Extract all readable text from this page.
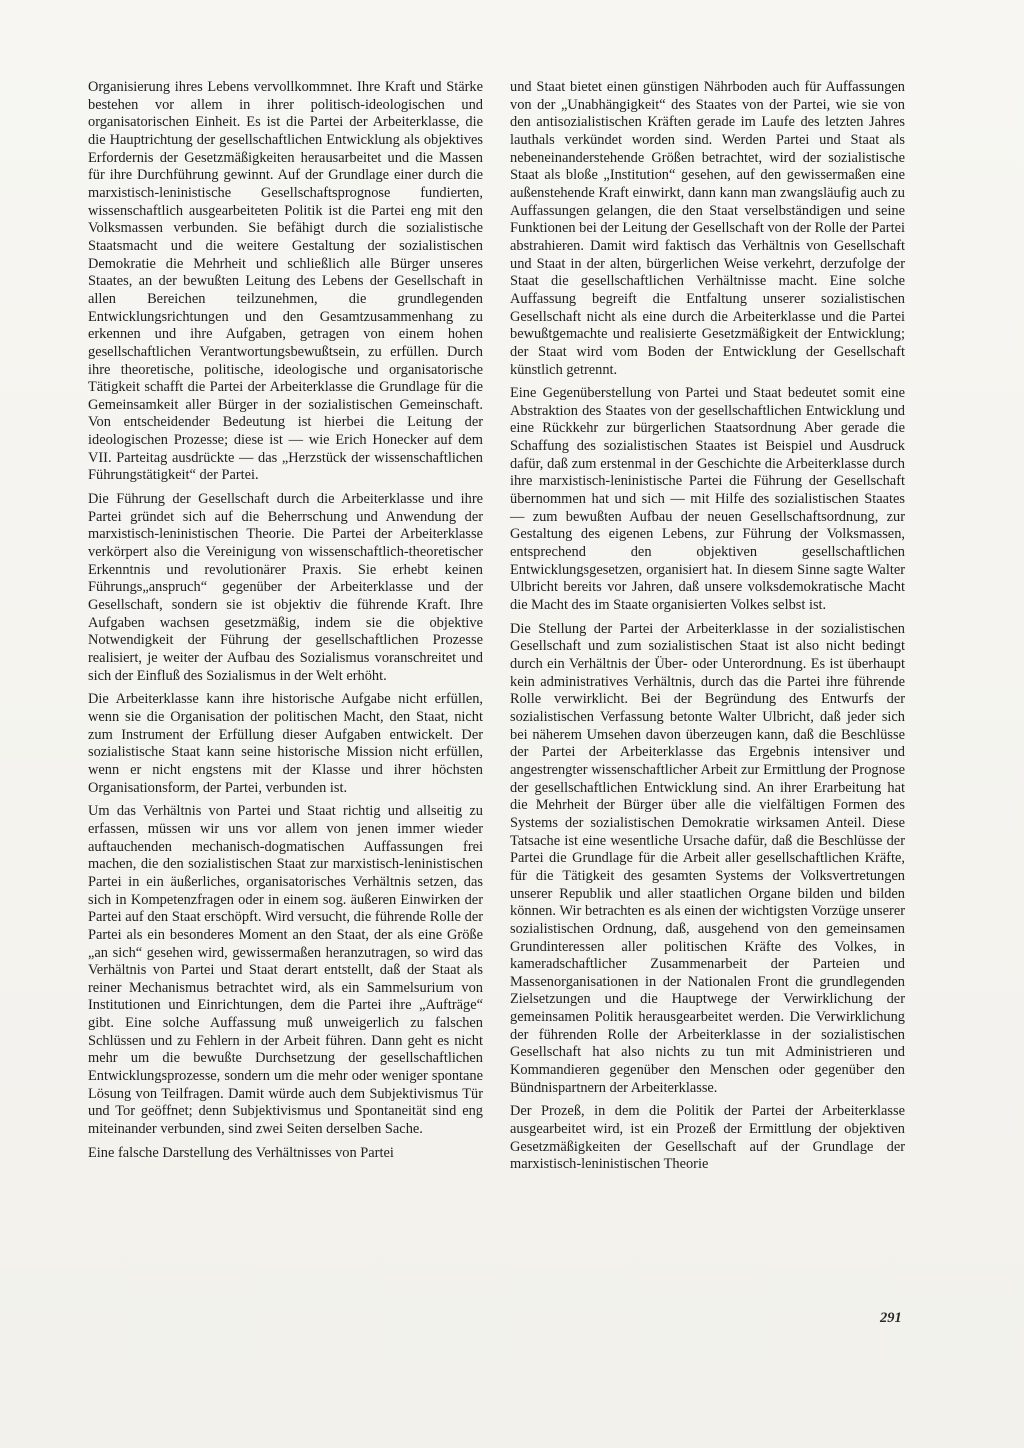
Organisierung ihres Lebens vervollkommnet. Ihre Kraft und Stärke bestehen vor allem in ihrer politisch-ideologischen und organisatorischen Einheit. Es ist die Partei der Arbeiterklasse, die die Hauptrichtung der gesellschaftlichen Entwicklung als objektives Erfordernis der Gesetzmäßigkeiten herausarbeitet und die Massen für ihre Durchführung gewinnt. Auf der Grundlage einer durch die marxistisch-leninistische Gesellschaftsprognose fundierten, wissenschaftlich ausgearbeiteten Politik ist die Partei eng mit den Volksmassen verbunden. Sie befähigt durch die sozialistische Staatsmacht und die weitere Gestaltung der sozialistischen Demokratie die Mehrheit und schließlich alle Bürger unseres Staates, an der bewußten Leitung des Lebens der Gesellschaft in allen Bereichen teilzunehmen, die grundlegenden Entwicklungsrichtungen und den Gesamtzusammenhang zu erkennen und ihre Aufgaben, getragen von einem hohen gesellschaftlichen Verantwortungsbewußtsein, zu erfüllen. Durch ihre theoretische, politische, ideologische und organisatorische Tätigkeit schafft die Partei der Arbeiterklasse die Grundlage für die Gemeinsamkeit aller Bürger in der sozialistischen Gemeinschaft. Von entscheidender Bedeutung ist hierbei die Leitung der ideologischen Prozesse; diese ist — wie Erich Honecker auf dem VII. Parteitag ausdrückte — das „Herzstück der wissenschaftlichen Führungstätigkeit“ der Partei.

Die Führung der Gesellschaft durch die Arbeiterklasse und ihre Partei gründet sich auf die Beherrschung und Anwendung der marxistisch-leninistischen Theorie. Die Partei der Arbeiterklasse verkörpert also die Vereinigung von wissenschaftlich-theoretischer Erkenntnis und revolutionärer Praxis. Sie erhebt keinen Führungs„anspruch“ gegenüber der Arbeiterklasse und der Gesellschaft, sondern sie ist objektiv die führende Kraft. Ihre Aufgaben wachsen gesetzmäßig, indem sie die objektive Notwendigkeit der Führung der gesellschaftlichen Prozesse realisiert, je weiter der Aufbau des Sozialismus voranschreitet und sich der Einfluß des Sozialismus in der Welt erhöht.

Die Arbeiterklasse kann ihre historische Aufgabe nicht erfüllen, wenn sie die Organisation der politischen Macht, den Staat, nicht zum Instrument der Erfüllung dieser Aufgaben entwickelt. Der sozialistische Staat kann seine historische Mission nicht erfüllen, wenn er nicht engstens mit der Klasse und ihrer höchsten Organisationsform, der Partei, verbunden ist.

Um das Verhältnis von Partei und Staat richtig und allseitig zu erfassen, müssen wir uns vor allem von jenen immer wieder auftauchenden mechanisch-dogmatischen Auffassungen frei machen, die den sozialistischen Staat zur marxistisch-leninistischen Partei in ein äußerliches, organisatorisches Verhältnis setzen, das sich in Kompetenzfragen oder in einem sog. äußeren Einwirken der Partei auf den Staat erschöpft. Wird versucht, die führende Rolle der Partei als ein besonderes Moment an den Staat, der als eine Größe „an sich“ gesehen wird, gewissermaßen heranzutragen, so wird das Verhältnis von Partei und Staat derart entstellt, daß der Staat als reiner Mechanismus betrachtet wird, als ein Sammelsurium von Institutionen und Einrichtungen, dem die Partei ihre „Aufträge“ gibt. Eine solche Auffassung muß unweigerlich zu falschen Schlüssen und zu Fehlern in der Arbeit führen. Dann geht es nicht mehr um die bewußte Durchsetzung der gesellschaftlichen Entwicklungsprozesse, sondern um die mehr oder weniger spontane Lösung von Teilfragen. Damit würde auch dem Subjektivismus Tür und Tor geöffnet; denn Subjektivismus und Spontaneität sind eng miteinander verbunden, sind zwei Seiten derselben Sache.

Eine falsche Darstellung des Verhältnisses von Partei

und Staat bietet einen günstigen Nährboden auch für Auffassungen von der „Unabhängigkeit“ des Staates von der Partei, wie sie von den antisozialistischen Kräften gerade im Laufe des letzten Jahres lauthals verkündet worden sind. Werden Partei und Staat als nebeneinanderstehende Größen betrachtet, wird der sozialistische Staat als bloße „Institution“ gesehen, auf den gewissermaßen eine außenstehende Kraft einwirkt, dann kann man zwangsläufig auch zu Auffassungen gelangen, die den Staat verselbständigen und seine Funktionen bei der Leitung der Gesellschaft von der Rolle der Partei abstrahieren. Damit wird faktisch das Verhältnis von Gesellschaft und Staat in der alten, bürgerlichen Weise verkehrt, derzufolge der Staat die gesellschaftlichen Verhältnisse macht. Eine solche Auffassung begreift die Entfaltung unserer sozialistischen Gesellschaft nicht als eine durch die Arbeiterklasse und die Partei bewußtgemachte und realisierte Gesetzmäßigkeit der Entwicklung; der Staat wird vom Boden der Entwicklung der Gesellschaft künstlich getrennt.

Eine Gegenüberstellung von Partei und Staat bedeutet somit eine Abstraktion des Staates von der gesellschaftlichen Entwicklung und eine Rückkehr zur bürgerlichen Staatsordnung Aber gerade die Schaffung des sozialistischen Staates ist Beispiel und Ausdruck dafür, daß zum erstenmal in der Geschichte die Arbeiterklasse durch ihre marxistisch-leninistische Partei die Führung der Gesellschaft übernommen hat und sich — mit Hilfe des sozialistischen Staates — zum bewußten Aufbau der neuen Gesellschaftsordnung, zur Gestaltung des eigenen Lebens, zur Führung der Volksmassen, entsprechend den objektiven gesellschaftlichen Entwicklungsgesetzen, organisiert hat. In diesem Sinne sagte Walter Ulbricht bereits vor Jahren, daß unsere volksdemokratische Macht die Macht des im Staate organisierten Volkes selbst ist.

Die Stellung der Partei der Arbeiterklasse in der sozialistischen Gesellschaft und zum sozialistischen Staat ist also nicht bedingt durch ein Verhältnis der Über- oder Unterordnung. Es ist überhaupt kein administratives Verhältnis, durch das die Partei ihre führende Rolle verwirklicht. Bei der Begründung des Entwurfs der sozialistischen Verfassung betonte Walter Ulbricht, daß jeder sich bei näherem Umsehen davon überzeugen kann, daß die Beschlüsse der Partei der Arbeiterklasse das Ergebnis intensiver und angestrengter wissenschaftlicher Arbeit zur Ermittlung der Prognose der gesellschaftlichen Entwicklung sind. An ihrer Erarbeitung hat die Mehrheit der Bürger über alle die vielfältigen Formen des Systems der sozialistischen Demokratie wirksamen Anteil. Diese Tatsache ist eine wesentliche Ursache dafür, daß die Beschlüsse der Partei die Grundlage für die Arbeit aller gesellschaftlichen Kräfte, für die Tätigkeit des gesamten Systems der Volksvertretungen unserer Republik und aller staatlichen Organe bilden und bilden können. Wir betrachten es als einen der wichtigsten Vorzüge unserer sozialistischen Ordnung, daß, ausgehend von den gemeinsamen Grundinteressen aller politischen Kräfte des Volkes, in kameradschaftlicher Zusammenarbeit der Parteien und Massenorganisationen in der Nationalen Front die grundlegenden Zielsetzungen und die Hauptwege der Verwirklichung der gemeinsamen Politik herausgearbeitet werden. Die Verwirklichung der führenden Rolle der Arbeiterklasse in der sozialistischen Gesellschaft hat also nichts zu tun mit Administrieren und Kommandieren gegenüber den Menschen oder gegenüber den Bündnispartnern der Arbeiterklasse.

Der Prozeß, in dem die Politik der Partei der Arbeiterklasse ausgearbeitet wird, ist ein Prozeß der Ermittlung der objektiven Gesetzmäßigkeiten der Gesellschaft auf der Grundlage der marxistisch-leninistischen Theorie

291
